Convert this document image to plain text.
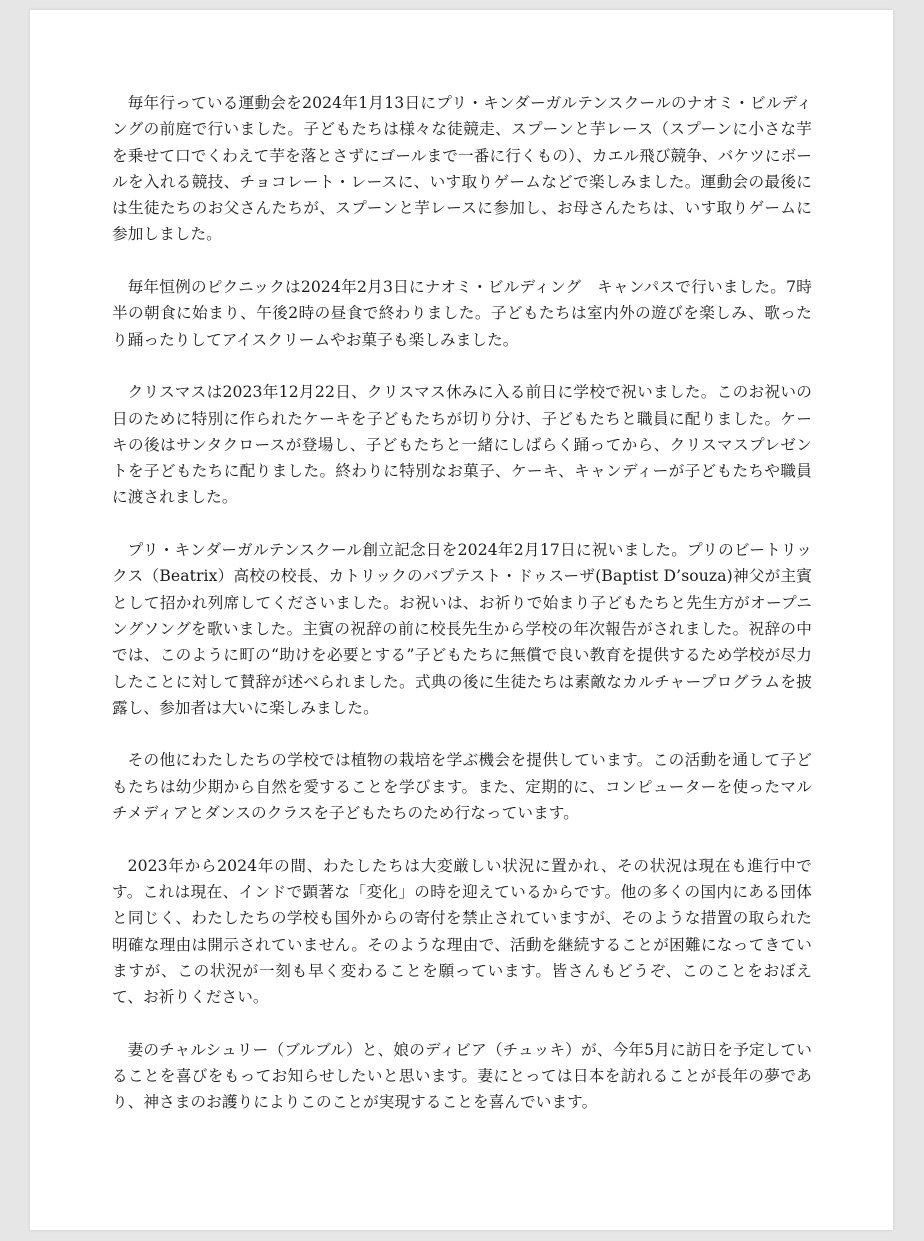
毎年行っている運動会を2024年1月13日にプリ・キンダーガルテンスクールのナオミ・ビルディングの前庭で行いました。子どもたちは様々な徒競走、スプーンと芋レース（スプーンに小さな芋を乗せて口でくわえて芋を落とさずにゴールまで一番に行くもの）、カエル飛び競争、バケツにボールを入れる競技、チョコレート・レースに、いす取りゲームなどで楽しみました。運動会の最後には生徒たちのお父さんたちが、スプーンと芋レースに参加し、お母さんたちは、いす取りゲームに参加しました。

毎年恒例のピクニックは2024年2月3日にナオミ・ビルディング　キャンパスで行いました。7時半の朝食に始まり、午後2時の昼食で終わりました。子どもたちは室内外の遊びを楽しみ、歌ったり踊ったりしてアイスクリームやお菓子も楽しみました。

クリスマスは2023年12月22日、クリスマス休みに入る前日に学校で祝いました。このお祝いの日のために特別に作られたケーキを子どもたちが切り分け、子どもたちと職員に配りました。ケーキの後はサンタクロースが登場し、子どもたちと一緒にしばらく踊ってから、クリスマスプレゼントを子どもたちに配りました。終わりに特別なお菓子、ケーキ、キャンディーが子どもたちや職員に渡されました。

プリ・キンダーガルテンスクール創立記念日を2024年2月17日に祝いました。プリのビートリックス（Beatrix）高校の校長、カトリックのバプテスト・ドゥスーザ(Baptist D’souza)神父が主賓として招かれ列席してくださいました。お祝いは、お祈りで始まり子どもたちと先生方がオープニングソングを歌いました。主賓の祝辞の前に校長先生から学校の年次報告がされました。祝辞の中では、このように町の“助けを必要とする”子どもたちに無償で良い教育を提供するため学校が尽力したことに対して賛辞が述べられました。式典の後に生徒たちは素敵なカルチャープログラムを披露し、参加者は大いに楽しみました。

その他にわたしたちの学校では植物の栽培を学ぶ機会を提供しています。この活動を通して子どもたちは幼少期から自然を愛することを学びます。また、定期的に、コンピューターを使ったマルチメディアとダンスのクラスを子どもたちのため行なっています。

2023年から2024年の間、わたしたちは大変厳しい状況に置かれ、その状況は現在も進行中です。これは現在、インドで顕著な「変化」の時を迎えているからです。他の多くの国内にある団体と同じく、わたしたちの学校も国外からの寄付を禁止されていますが、そのような措置の取られた明確な理由は開示されていません。そのような理由で、活動を継続することが困難になってきていますが、この状況が一刻も早く変わることを願っています。皆さんもどうぞ、このことをおぼえて、お祈りください。

妻のチャルシュリー（ブルブル）と、娘のディビア（チュッキ）が、今年5月に訪日を予定していることを喜びをもってお知らせしたいと思います。妻にとっては日本を訪れることが長年の夢であり、神さまのお護りによりこのことが実現することを喜んでいます。
